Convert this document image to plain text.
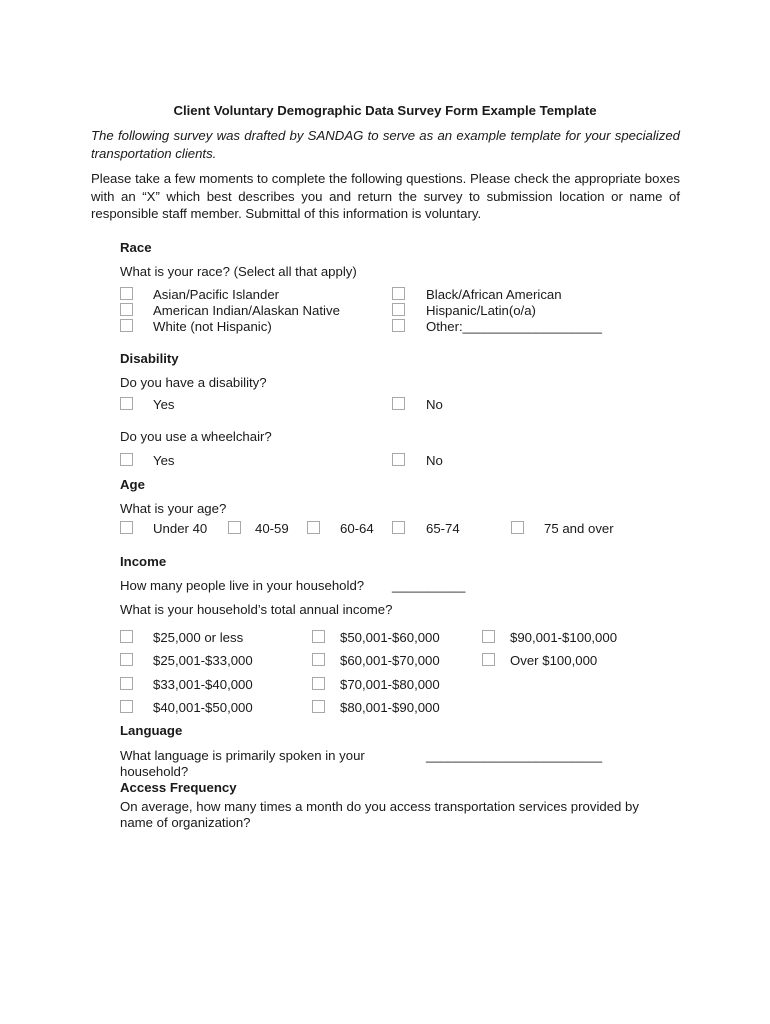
Client Voluntary Demographic Data Survey Form Example Template
The following survey was drafted by SANDAG to serve as an example template for your specialized transportation clients.
Please take a few moments to complete the following questions. Please check the appropriate boxes with an “X” which best describes you and return the survey to submission location or name of responsible staff member. Submittal of this information is voluntary.
Race
What is your race? (Select all that apply)
Asian/Pacific Islander
American Indian/Alaskan Native
White (not Hispanic)
Black/African American
Hispanic/Latin(o/a)
Other:___________________
Disability
Do you have a disability?
Yes	No
Do you use a wheelchair?
Yes	No
Age
What is your age?
Under 40	40-59	60-64	65-74	75 and over
Income
How many people live in your household? __________
What is your household’s total annual income?
$25,000 or less
$25,001-$33,000
$33,001-$40,000
$40,001-$50,000
$50,001-$60,000
$60,001-$70,000
$70,001-$80,000
$80,001-$90,000
$90,001-$100,000
Over $100,000
Language
What language is primarily spoken in your household?
________________________
Access Frequency
On average, how many times a month do you access transportation services provided by name of organization?
